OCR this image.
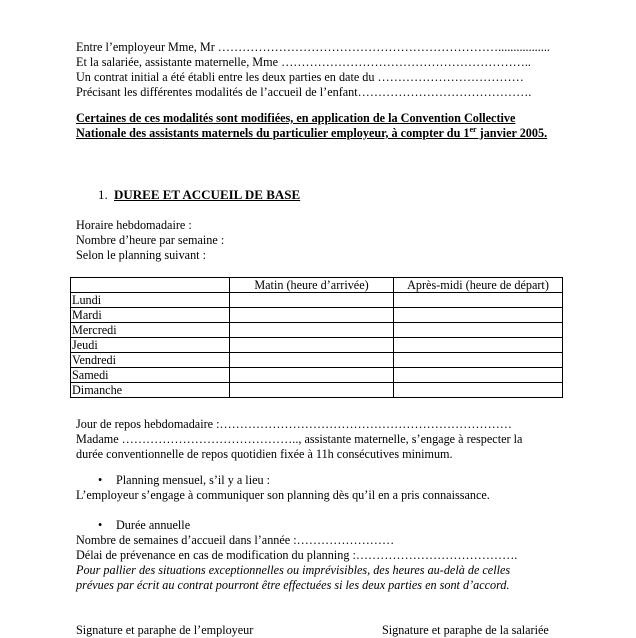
Entre l’employeur Mme, Mr …………………………………………………………….................
Et la salariée, assistante maternelle, Mme ……………………………………………………..
Un contrat initial a été établi entre les deux parties en date du ………………………………
Précisant les différentes modalités de l’accueil de l’enfant…………………………………….
Certaines de ces modalités sont modifiées, en application de la Convention Collective Nationale des assistants maternels du particulier employeur, à compter du 1er janvier 2005.
1. DUREE ET ACCUEIL DE BASE
Horaire hebdomadaire :
Nombre d’heure par semaine :
Selon le planning suivant :
	Matin (heure d’arrivée)	Après-midi (heure de départ)
Lundi		
Mardi		
Mercredi		
Jeudi		
Vendredi		
Samedi		
Dimanche		
Jour de repos hebdomadaire :………………………………………………………………
Madame …………………………………….., assistante maternelle, s’engage à respecter la
durée conventionnelle de repos quotidien fixée à 11h consécutives minimum.
• Planning mensuel, s’il y a lieu :
L’employeur s’engage à communiquer son planning dès qu’il en a pris connaissance.
• Durée annuelle
Nombre de semaines d’accueil dans l’année :……………………
Délai de prévenance en cas de modification du planning :………………………………….
Pour pallier des situations exceptionnelles ou imprévisibles, des heures au-delà de celles
prévues par écrit au contrat pourront être effectuées si les deux parties en sont d’accord.
Signature et paraphe de l’employeur	Signature et paraphe de la salariée
